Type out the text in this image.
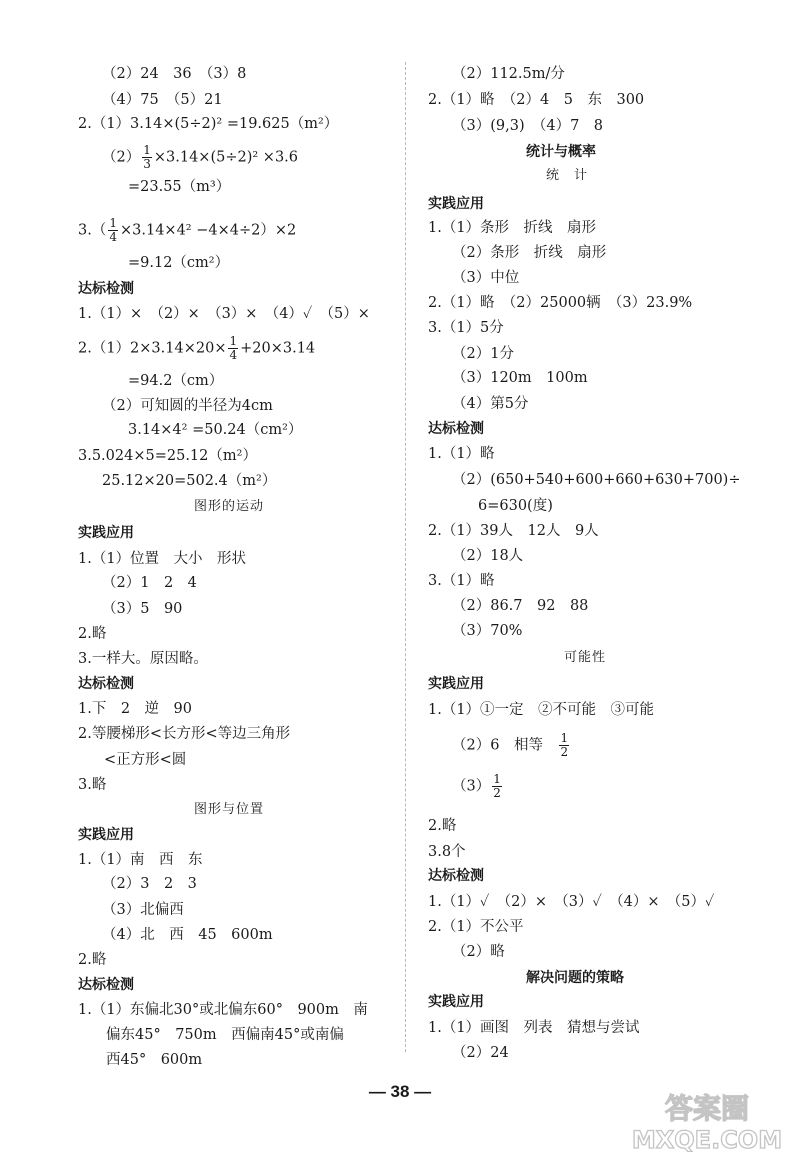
（2）24　36　（3）8
（4）75　（5）21
2.（1）3.14×(5÷2)² =19.625（m²）
$(2) \frac{1}{3} \times 3.14\times(5\div 2)^2 \times 3.6$
=23.55（m³）
$3.( \frac{1}{4} \times 3.14\times 4^2 -4\times 4\div 2)\times 2$
=9.12（cm²）
达标检测
1.（1）×　（2）×　（3）×　（4）✓　（5）×
$2.(1)2\times 3.14\times 20\times \frac{1}{4} +20\times 3.14$
=94.2（cm）
（2）可知圆的半径为4cm
3.14×4² =50.24（cm²）
3.5.024×5=25.12（m²）
25.12×20=502.4（m²）
图形的运动
实践应用
1.（1）位置　大小　形状
（2）1　2　4
（3）5　90
2.略
3.一样大。原因略。
达标检测
1.下　2　逆　90
2.等腰梯形<长方形<等边三角形
<正方形<圆
3.略
图形与位置
实践应用
1.（1）南　西　东
（2）3　2　3
（3）北偏西
（4）北　西　45　600m
2.略
达标检测
1.（1）东偏北30°或北偏东60°　900m　南
偏东45°　750m　西偏南45°或南偏
西45°　600m
（2）112.5m/分
2.（1）略　（2）4　5　东　300
（3）(9,3)　（4）7　8
统计与概率
统　计
实践应用
1.（1）条形　折线　扇形
（2）条形　折线　扇形
（3）中位
2.（1）略　（2）25000辆　（3）23.9%
3.（1）5分
（2）1分
（3）120m　100m
（4）第5分
达标检测
1.（1）略
（2）(650+540+600+660+630+700)÷
6=630(度)
2.（1）39人　12人　9人
（2）18人
3.（1）略
（2）86.7　92　88
（3）70%
可能性
实践应用
1.（1）①一定　②不可能　③可能
（2）6　相等　 $\frac{1}{2}$
$(3) \frac{1}{2}$
2.略
3.8个
达标检测
1.（1）✓　（2）×　（3）✓　（4）×　（5）✓
2.（1）不公平
（2）略
解决问题的策略
实践应用
1.（1）画图　列表　猜想与尝试
（2）24
— 38 —
答案圈
MXQE.COM
